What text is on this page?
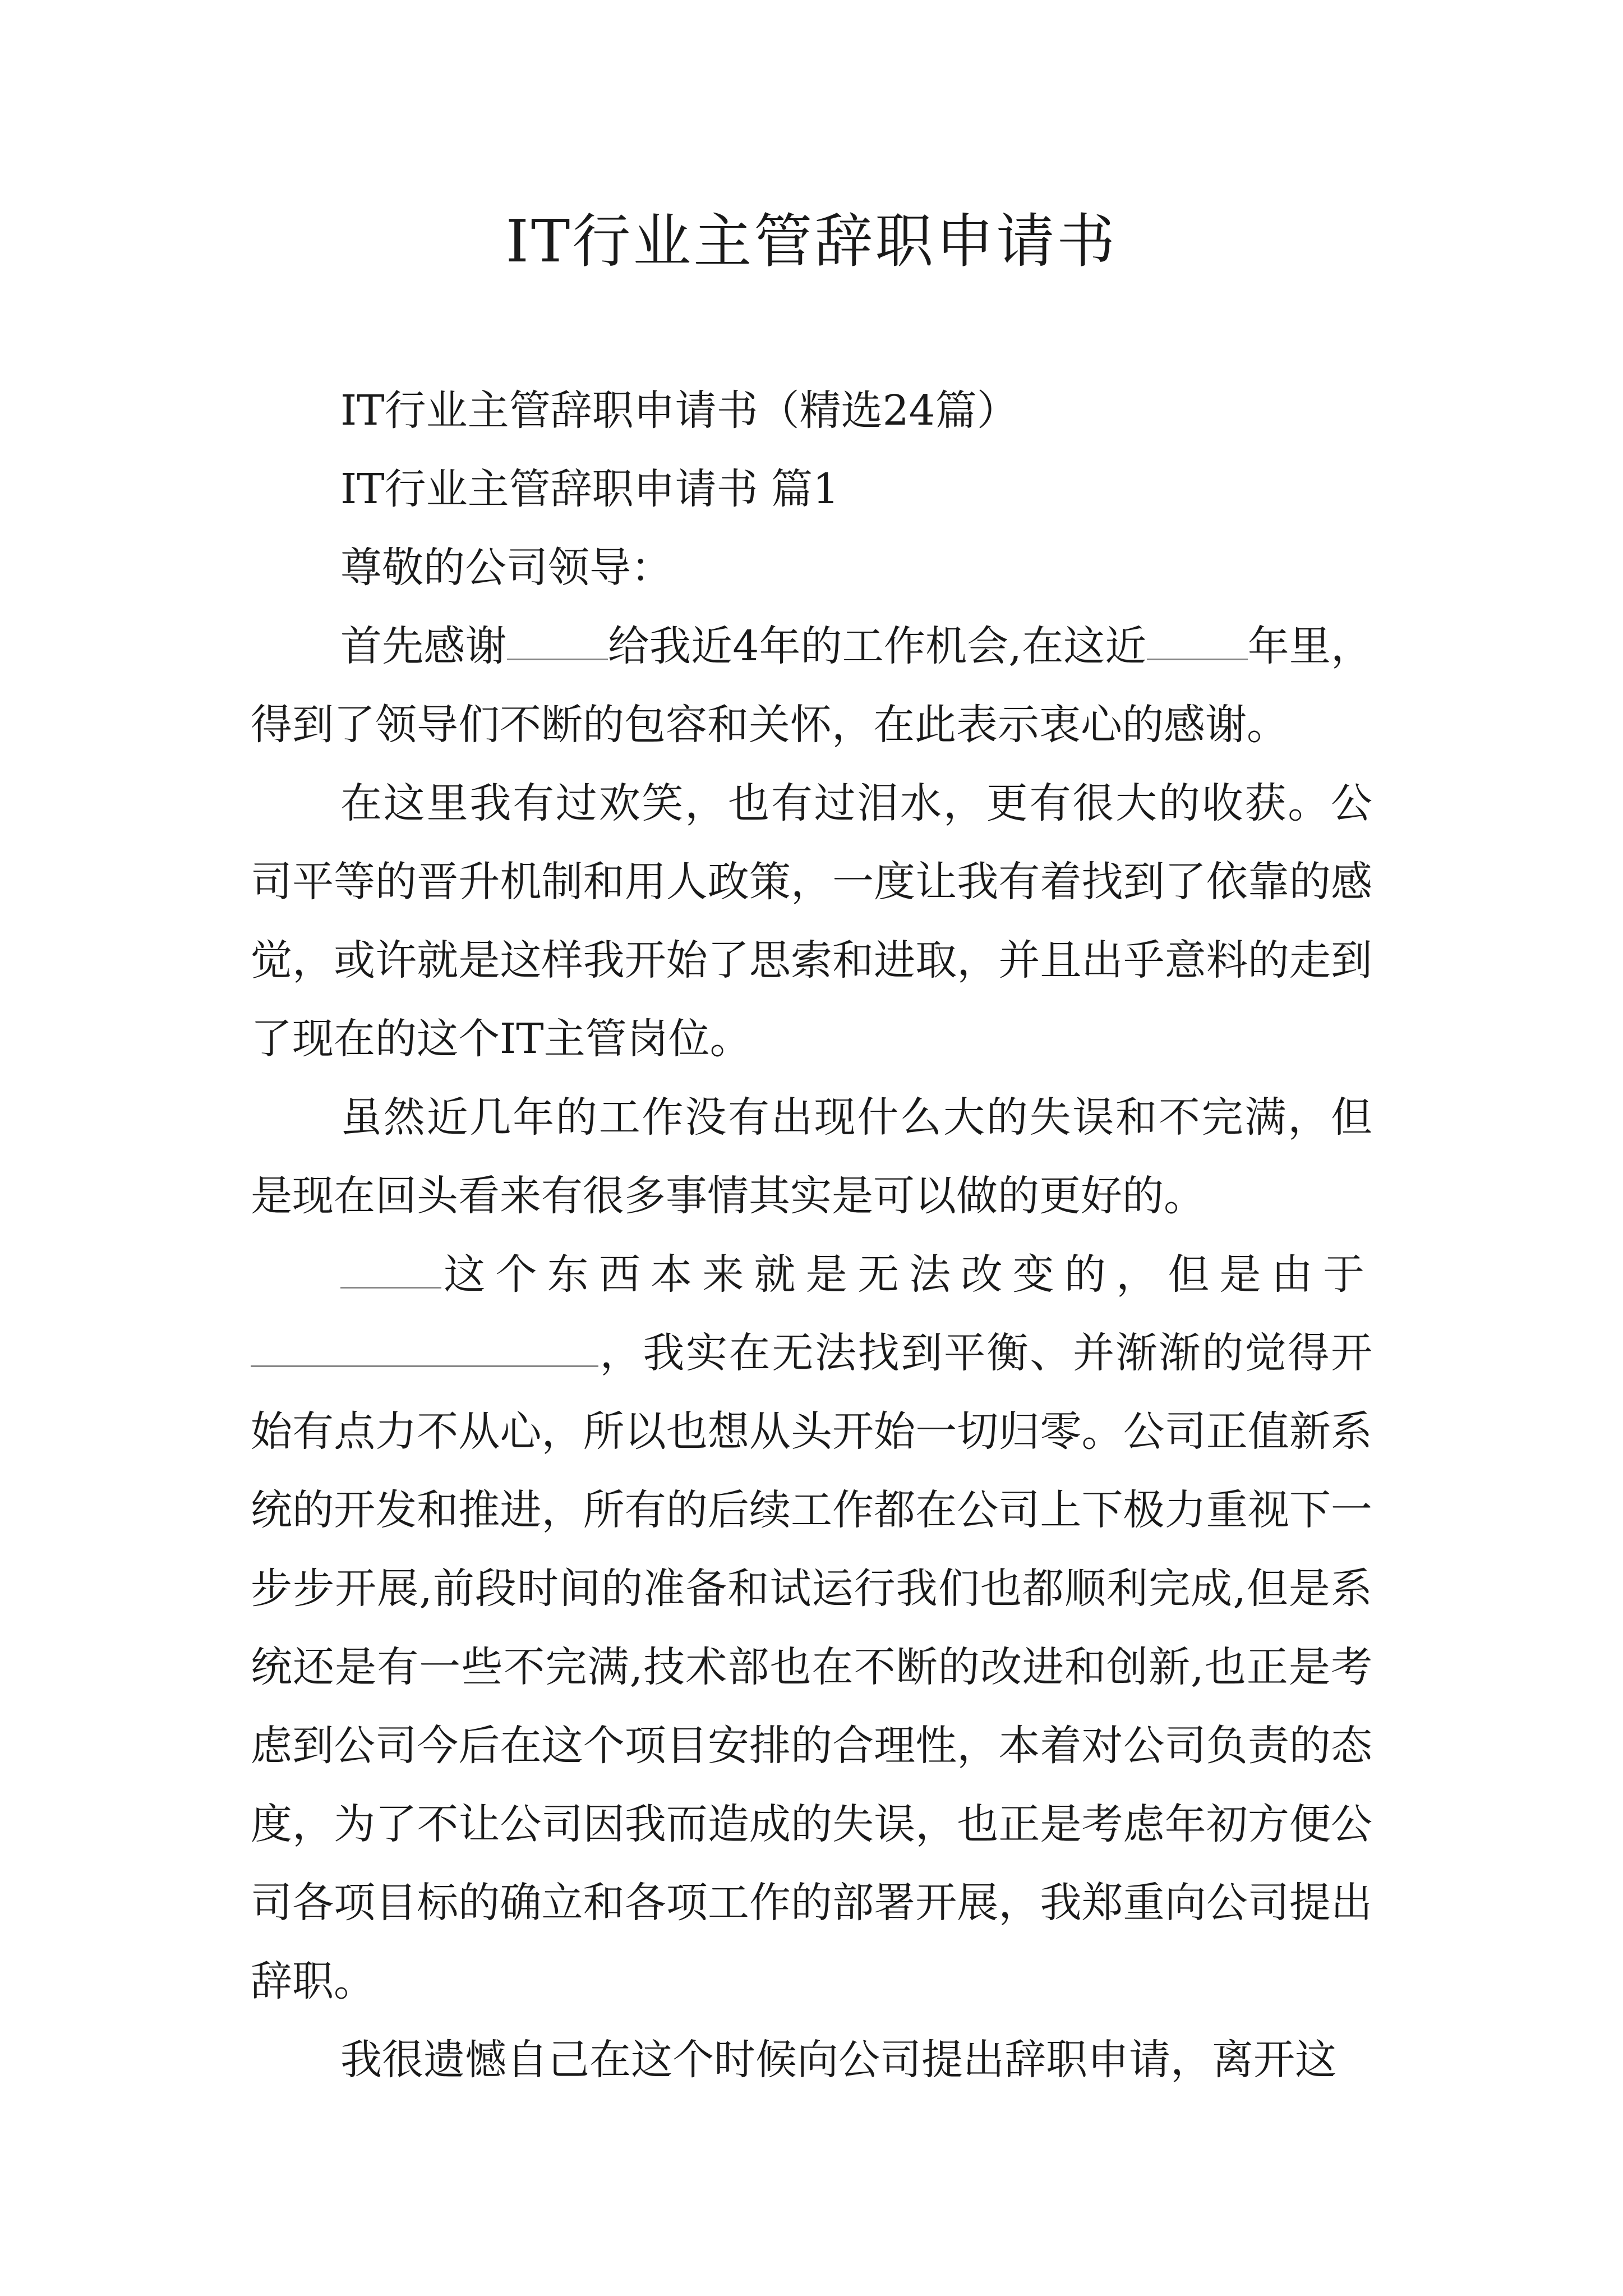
IT行业主管辞职申请书

IT行业主管辞职申请书（精选24篇）

IT行业主管辞职申请书 篇1

尊敬的公司领导：

首先感谢 给我近4年的工作机会,在这近 年里，得到了领导们不断的包容和关怀，在此表示衷心的感谢。

在这里我有过欢笑，也有过泪水，更有很大的收获。公司平等的晋升机制和用人政策，一度让我有着找到了依靠的感觉，或许就是这样我开始了思索和进取，并且出乎意料的走到了现在的这个IT主管岗位。

虽然近几年的工作没有出现什么大的失误和不完满，但是现在回头看来有很多事情其实是可以做的更好的。

这个东西本来就是无法改变的，但是由于，我实在无法找到平衡、并渐渐的觉得开始有点力不从心，所以也想从头开始一切归零。公司正值新系统的开发和推进，所有的后续工作都在公司上下极力重视下一步步开展,前段时间的准备和试运行我们也都顺利完成,但是系统还是有一些不完满,技术部也在不断的改进和创新,也正是考虑到公司今后在这个项目安排的合理性，本着对公司负责的态度，为了不让公司因我而造成的失误，也正是考虑年初方便公司各项目标的确立和各项工作的部署开展，我郑重向公司提出辞职。

我很遗憾自己在这个时候向公司提出辞职申请，离开这
